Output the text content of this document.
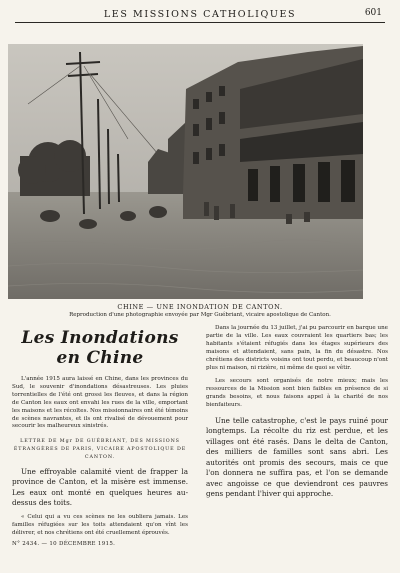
LES MISSIONS CATHOLIQUES	601
CHINE — UNE INONDATION DE CANTON.
Reproduction d'une photographie envoyée par Mgr Guébriant, vicaire apostolique de Canton.
Les Inondations en Chine

L'année 1915 aura laissé en Chine, dans les provinces du Sud, le souvenir d'inondations désastreuses. Les pluies torrentielles de l'été ont grossi les fleuves, et dans la région de Canton les eaux ont envahi les rues de la ville, emportant les maisons et les récoltes. Nos missionnaires ont été témoins de scènes navrantes, et ils ont rivalisé de dévouement pour secourir les malheureux sinistrés.

LETTRE DE Mgr DE GUÉBRIANT, DES MISSIONS ÉTRANGÈRES DE PARIS, VICAIRE APOSTOLIQUE DE CANTON.

Une effroyable calamité vient de frapper la province de Canton, et la misère est immense. Les eaux ont monté en quelques heures au-dessus des toits.

« Celui qui a vu ces scènes ne les oubliera jamais. Les familles réfugiées sur les toits attendaient qu'on vînt les délivrer, et nos chrétiens ont été cruellement éprouvés.

Dans la journée du 13 juillet, j'ai pu parcourir en barque une partie de la ville. Les eaux couvraient les quartiers bas; les habitants s'étaient réfugiés dans les étages supérieurs des maisons et attendaient, sans pain, la fin du désastre. Nos chrétiens des districts voisins ont tout perdu, et beaucoup n'ont plus ni maison, ni rizière, ni même de quoi se vêtir.

Les secours sont organisés de notre mieux; mais les ressources de la Mission sont bien faibles en présence de si grands besoins, et nous faisons appel à la charité de nos bienfaiteurs.

Une telle catastrophe, c'est le pays ruiné pour longtemps. La récolte du riz est perdue, et les villages ont été rasés. Dans le delta de Canton, des milliers de familles sont sans abri. Les autorités ont promis des secours, mais ce que l'on donnera ne suffira pas, et l'on se demande avec angoisse ce que deviendront ces pauvres gens pendant l'hiver qui approche.

N° 2434. — 10 DÉCEMBRE 1915.
